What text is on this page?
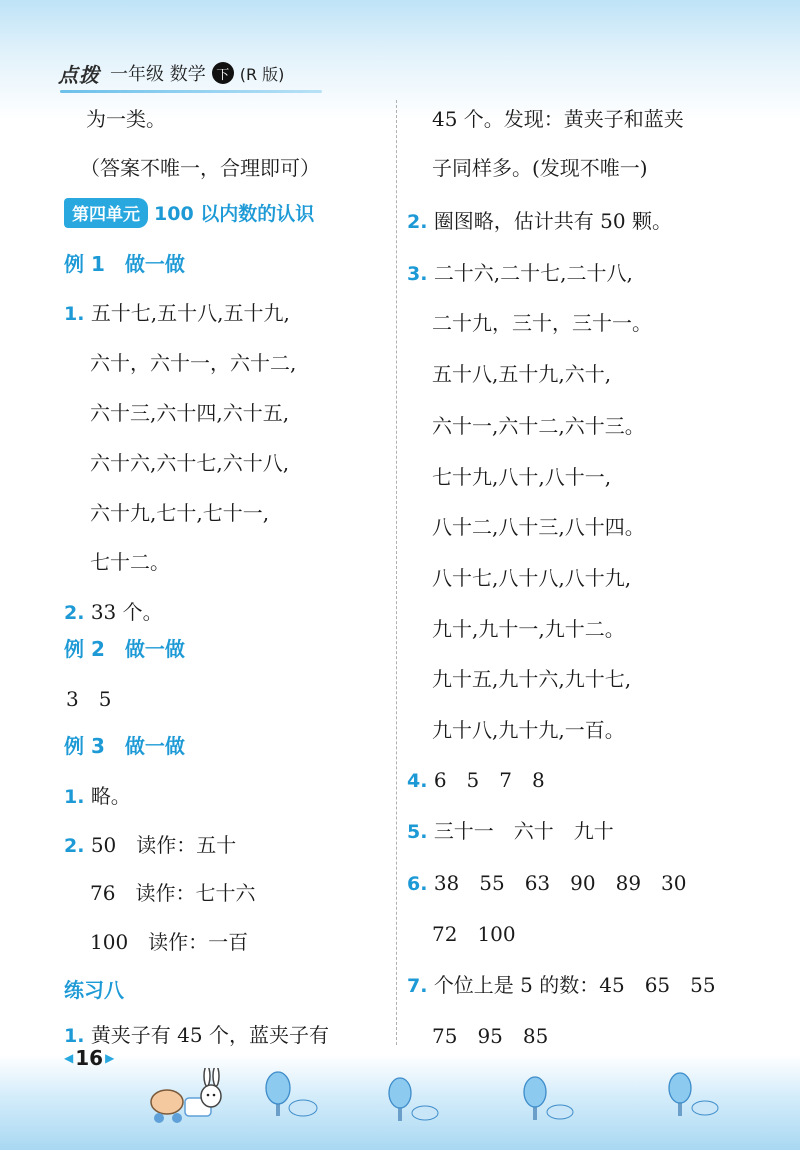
点拨 一年级 数学 下 (R 版)
为一类。
（答案不唯一，合理即可）
第四单元 100 以内数的认识
例 1　做一做
1. 五十七,五十八,五十九,
六十，六十一，六十二,
六十三,六十四,六十五,
六十六,六十七,六十八,
六十九,七十,七十一,
七十二。
2. 33 个。
例 2　做一做
3　5
例 3　做一做
1. 略。
2. 50　读作：五十
76　读作：七十六
100　读作：一百
练习八
1. 黄夹子有 45 个，蓝夹子有
45 个。发现：黄夹子和蓝夹
子同样多。(发现不唯一)
2. 圈图略，估计共有 50 颗。
3. 二十六,二十七,二十八,
二十九，三十，三十一。
五十八,五十九,六十,
六十一,六十二,六十三。
七十九,八十,八十一,
八十二,八十三,八十四。
八十七,八十八,八十九,
九十,九十一,九十二。
九十五,九十六,九十七,
九十八,九十九,一百。
4. 6　5　7　8
5. 三十一　六十　九十
6. 38　55　63　90　89　30
72　100
7. 个位上是 5 的数：45　65　55
75　95　85
◀ 16 ▶
